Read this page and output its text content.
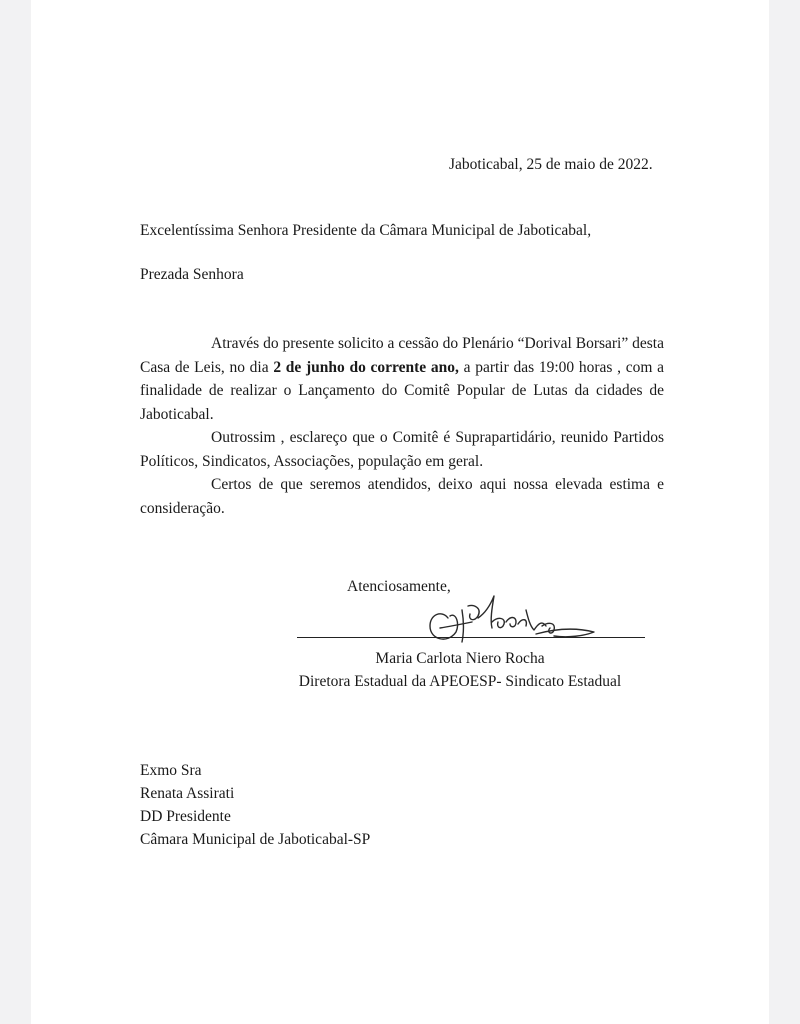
Jaboticabal, 25 de maio de 2022.
Excelentíssima Senhora Presidente da Câmara Municipal de Jaboticabal,
Prezada Senhora

Através do presente solicito a cessão do Plenário “Dorival Borsari” desta Casa de Leis, no dia 2 de junho do corrente ano, a partir das 19:00 horas , com a finalidade de realizar o Lançamento do Comitê Popular de Lutas da cidades de Jaboticabal.

Outrossim , esclareço que o Comitê é Suprapartidário, reunido Partidos Políticos, Sindicatos, Associações, população em geral.

Certos de que seremos atendidos, deixo aqui nossa elevada estima e consideração.

Atenciosamente,
Maria Carlota Niero Rocha
Diretora Estadual da APEOESP- Sindicato Estadual
Exmo Sra
Renata Assirati
DD Presidente
Câmara Municipal de Jaboticabal-SP
